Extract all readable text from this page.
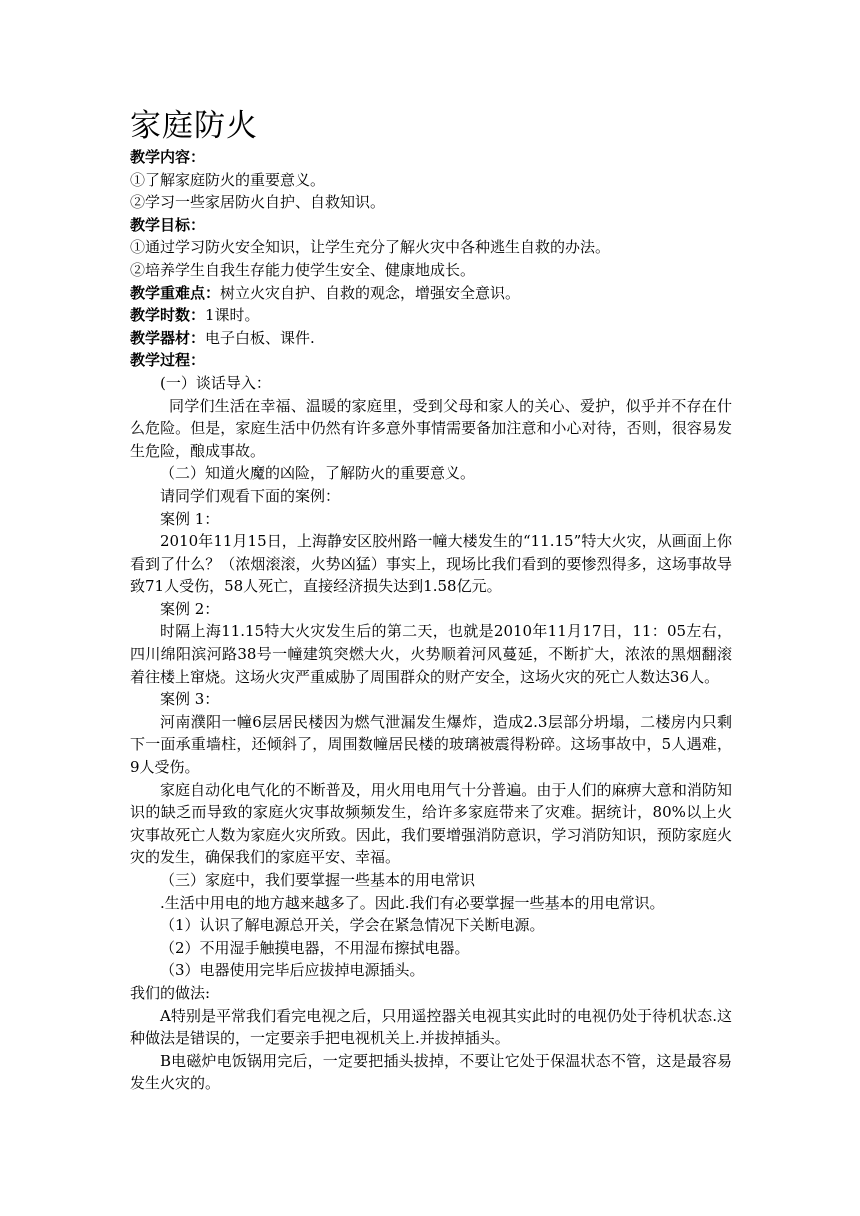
家庭防火

教学内容：

①了解家庭防火的重要意义。

②学习一些家居防火自护、自救知识。

教学目标：

①通过学习防火安全知识，让学生充分了解火灾中各种逃生自救的办法。

②培养学生自我生存能力使学生安全、健康地成长。

教学重难点：树立火灾自护、自救的观念，增强安全意识。

教学时数：1课时。

教学器材：电子白板、课件.

教学过程：

(一）谈话导入：

同学们生活在幸福、温暖的家庭里，受到父母和家人的关心、爱护，似乎并不存在什么危险。但是，家庭生活中仍然有许多意外事情需要备加注意和小心对待，否则，很容易发生危险，酿成事故。

（二）知道火魔的凶险，了解防火的重要意义。

请同学们观看下面的案例：

案例 1：

2010年11月15日，上海静安区胶州路一幢大楼发生的“11.15”特大火灾，从画面上你看到了什么？（浓烟滚滚，火势凶猛）事实上，现场比我们看到的要惨烈得多，这场事故导致71人受伤，58人死亡，直接经济损失达到1.58亿元。

案例 2：

时隔上海11.15特大火灾发生后的第二天，也就是2010年11月17日，11：05左右，四川绵阳滨河路38号一幢建筑突燃大火，火势顺着河风蔓延，不断扩大，浓浓的黑烟翻滚着往楼上窜烧。这场火灾严重威胁了周围群众的财产安全，这场火灾的死亡人数达36人。

案例 3：

河南濮阳一幢6层居民楼因为燃气泄漏发生爆炸，造成2.3层部分坍塌，二楼房内只剩下一面承重墙柱，还倾斜了，周围数幢居民楼的玻璃被震得粉碎。这场事故中，5人遇难，9人受伤。

家庭自动化电气化的不断普及，用火用电用气十分普遍。由于人们的麻痹大意和消防知识的缺乏而导致的家庭火灾事故频频发生，给许多家庭带来了灾难。据统计，80%以上火灾事故死亡人数为家庭火灾所致。因此，我们要增强消防意识，学习消防知识，预防家庭火灾的发生，确保我们的家庭平安、幸福。

（三）家庭中，我们要掌握一些基本的用电常识

.生活中用电的地方越来越多了。因此.我们有必要掌握一些基本的用电常识。

（1）认识了解电源总开关，学会在紧急情况下关断电源。

（2）不用湿手触摸电器，不用湿布擦拭电器。

（3）电器使用完毕后应拔掉电源插头。

我们的做法:

A特别是平常我们看完电视之后，只用遥控器关电视其实此时的电视仍处于待机状态.这种做法是错误的，一定要亲手把电视机关上.并拔掉插头。

B电磁炉电饭锅用完后，一定要把插头拔掉，不要让它处于保温状态不管，这是最容易发生火灾的。
